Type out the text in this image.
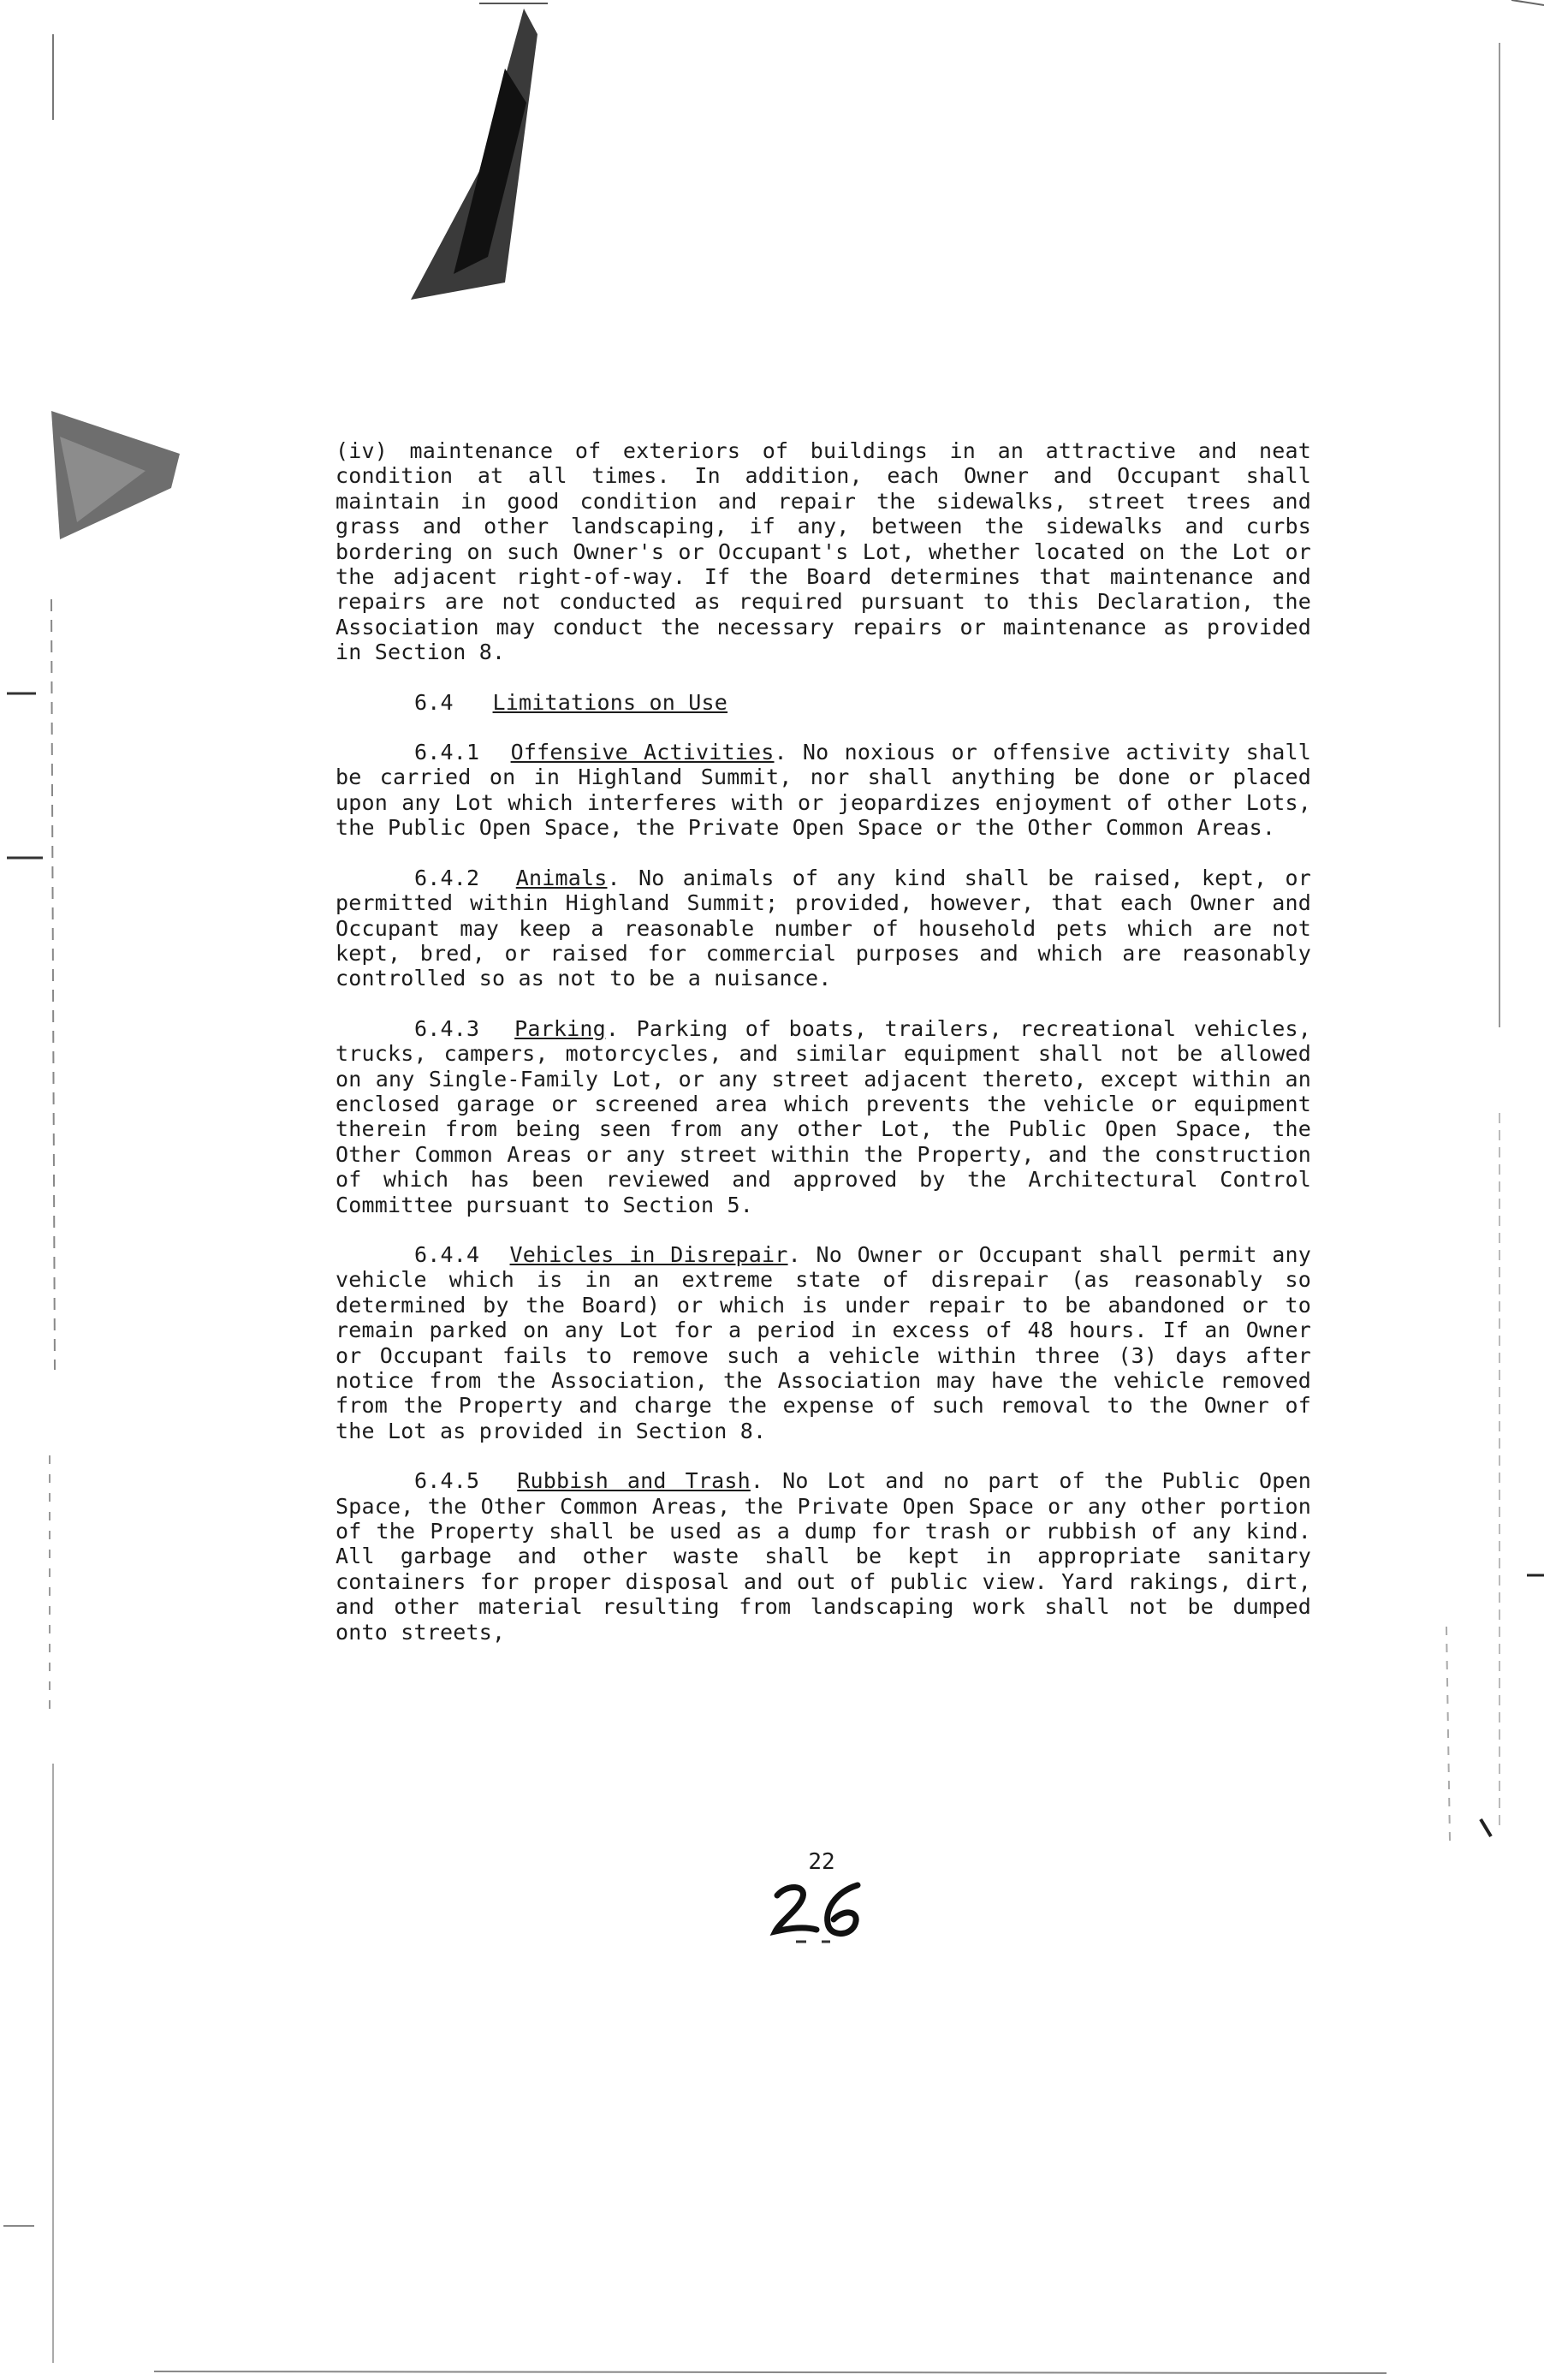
(iv) maintenance of exteriors of buildings in an attractive and neat condition at all times. In addition, each Owner and Occupant shall maintain in good condition and repair the sidewalks, street trees and grass and other landscaping, if any, between the sidewalks and curbs bordering on such Owner's or Occupant's Lot, whether located on the Lot or the adjacent right-of-way. If the Board determines that maintenance and repairs are not conducted as required pursuant to this Declaration, the Association may conduct the necessary repairs or maintenance as provided in Section 8.

6.4 Limitations on Use

6.4.1 Offensive Activities. No noxious or offensive activity shall be carried on in Highland Summit, nor shall anything be done or placed upon any Lot which interferes with or jeopardizes enjoyment of other Lots, the Public Open Space, the Private Open Space or the Other Common Areas.

6.4.2 Animals. No animals of any kind shall be raised, kept, or permitted within Highland Summit; provided, however, that each Owner and Occupant may keep a reasonable number of household pets which are not kept, bred, or raised for commercial purposes and which are reasonably controlled so as not to be a nuisance.

6.4.3 Parking. Parking of boats, trailers, recreational vehicles, trucks, campers, motorcycles, and similar equipment shall not be allowed on any Single-Family Lot, or any street adjacent thereto, except within an enclosed garage or screened area which prevents the vehicle or equipment therein from being seen from any other Lot, the Public Open Space, the Other Common Areas or any street within the Property, and the construction of which has been reviewed and approved by the Architectural Control Committee pursuant to Section 5.

6.4.4 Vehicles in Disrepair. No Owner or Occupant shall permit any vehicle which is in an extreme state of disrepair (as reasonably so determined by the Board) or which is under repair to be abandoned or to remain parked on any Lot for a period in excess of 48 hours. If an Owner or Occupant fails to remove such a vehicle within three (3) days after notice from the Association, the Association may have the vehicle removed from the Property and charge the expense of such removal to the Owner of the Lot as provided in Section 8.

6.4.5 Rubbish and Trash. No Lot and no part of the Public Open Space, the Other Common Areas, the Private Open Space or any other portion of the Property shall be used as a dump for trash or rubbish of any kind. All garbage and other waste shall be kept in appropriate sanitary containers for proper disposal and out of public view. Yard rakings, dirt, and other material resulting from landscaping work shall not be dumped onto streets,

22
